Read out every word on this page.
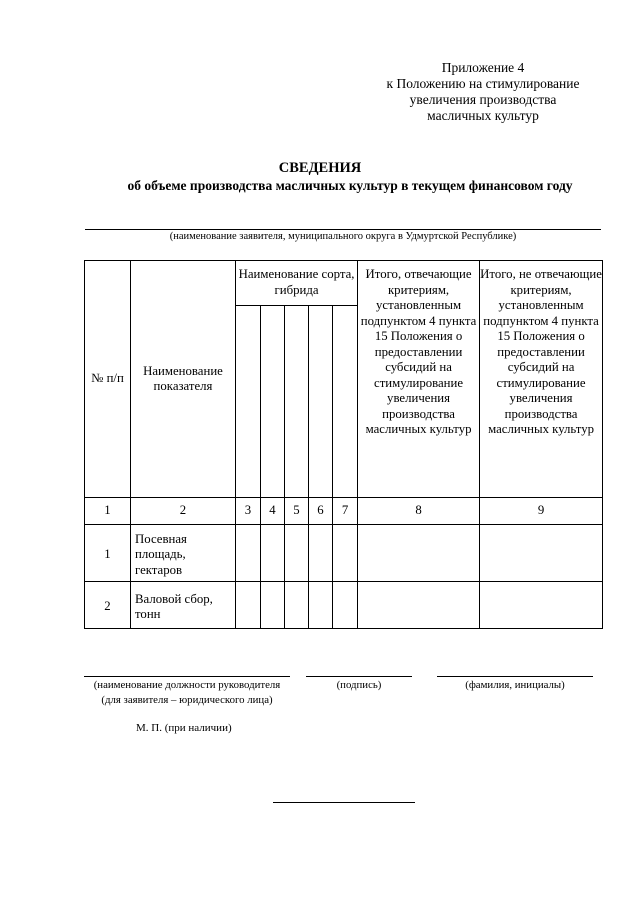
Приложение 4
к Положению на стимулирование
увеличения производства
масличных культур
СВЕДЕНИЯ
об объеме производства масличных культур в текущем финансовом году
(наименование заявителя, муниципального округа в Удмуртской Республике)
№ п/п	Наименование показателя	Наименование сорта, гибрида					Итого, отвечающие критериям, установленным подпунктом 4 пункта 15 Положения о предоставлении субсидий на стимулирование увеличения производства масличных культур	Итого, не отвечающие критериям, установленным подпунктом 4 пункта 15 Положения о предоставлении субсидий на стимулирование увеличения производства масличных культур

1	2	3	4	5	6	7	8	9
1	Посевная площадь, гектаров							
2	Валовой сбор, тонн							
(наименование должности руководителя
(для заявителя – юридического лица)
(подпись)	(фамилия, инициалы)
М. П. (при наличии)
